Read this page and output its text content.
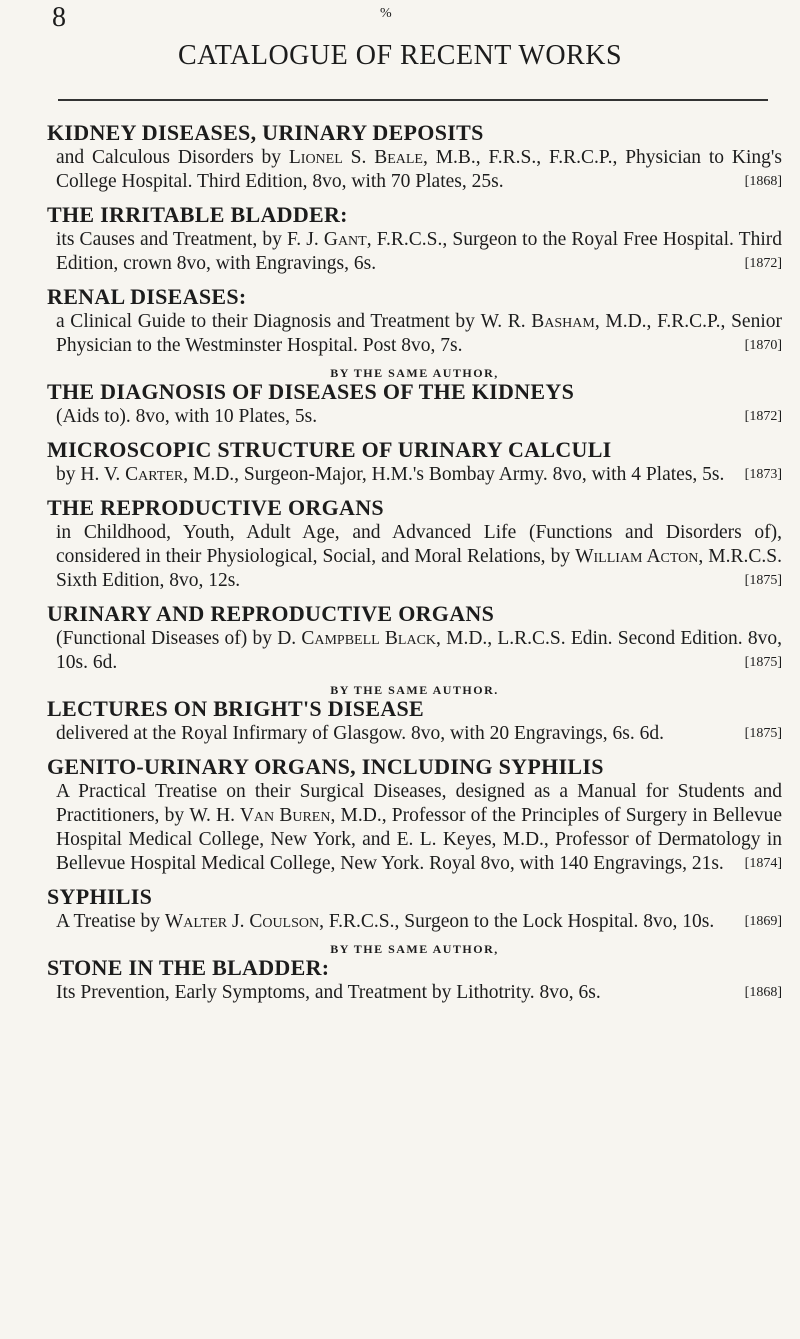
8	%
CATALOGUE OF RECENT WORKS
KIDNEY DISEASES, URINARY DEPOSITS
and Calculous Disorders by Lionel S. Beale, M.B., F.R.S., F.R.C.P., Physician to King's College Hospital. Third Edition, 8vo, with 70 Plates, 25s.	[1868]
THE IRRITABLE BLADDER:
its Causes and Treatment, by F. J. Gant, F.R.C.S., Surgeon to the Royal Free Hospital. Third Edition, crown 8vo, with Engravings, 6s.	[1872]
RENAL DISEASES:
a Clinical Guide to their Diagnosis and Treatment by W. R. Basham, M.D., F.R.C.P., Senior Physician to the Westminster Hospital. Post 8vo, 7s.	[1870]
BY THE SAME AUTHOR,
THE DIAGNOSIS OF DISEASES OF THE KIDNEYS
(Aids to). 8vo, with 10 Plates, 5s.	[1872]
MICROSCOPIC STRUCTURE OF URINARY CALCULI
by H. V. Carter, M.D., Surgeon-Major, H.M.'s Bombay Army. 8vo, with 4 Plates, 5s. [1873]
THE REPRODUCTIVE ORGANS
in Childhood, Youth, Adult Age, and Advanced Life (Functions and Disorders of), considered in their Physiological, Social, and Moral Relations, by William Acton, M.R.C.S. Sixth Edition, 8vo, 12s.	[1875]
URINARY AND REPRODUCTIVE ORGANS
(Functional Diseases of) by D. Campbell Black, M.D., L.R.C.S. Edin. Second Edition. 8vo, 10s. 6d.	[1875]
BY THE SAME AUTHOR.
LECTURES ON BRIGHT'S DISEASE
delivered at the Royal Infirmary of Glasgow. 8vo, with 20 Engravings, 6s. 6d.	[1875]
GENITO-URINARY ORGANS, INCLUDING SYPHILIS
A Practical Treatise on their Surgical Diseases, designed as a Manual for Students and Practitioners, by W. H. Van Buren, M.D., Professor of the Principles of Surgery in Bellevue Hospital Medical College, New York, and E. L. Keyes, M.D., Professor of Dermatology in Bellevue Hospital Medical College, New York. Royal 8vo, with 140 Engravings, 21s. [1874]
SYPHILIS
A Treatise by Walter J. Coulson, F.R.C.S., Surgeon to the Lock Hospital. 8vo, 10s. [1869]
BY THE SAME AUTHOR,
STONE IN THE BLADDER:
Its Prevention, Early Symptoms, and Treatment by Lithotrity. 8vo, 6s.	[1868]
